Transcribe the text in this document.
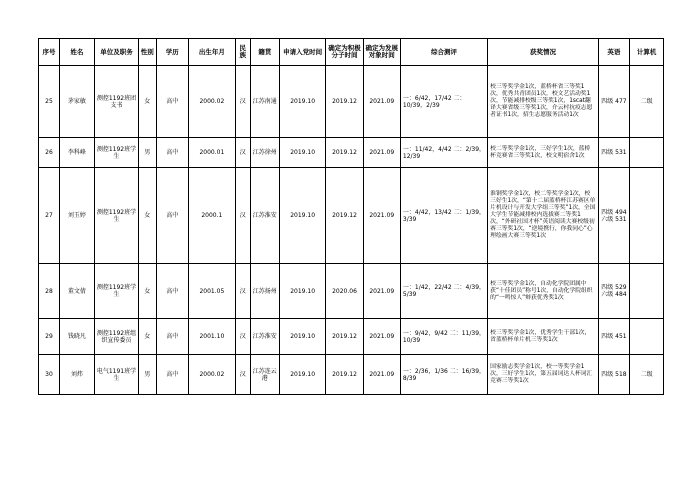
序号	姓名	单位及职务	性别	学历	出生年月	民族	籍贯	申请入党时间	确定为积极分子时间	确定为发展对象时间	综合测评	获奖情况	英语	计算机
25	茅家敏	测控1192班团支书	女	高中	2000.02	汉	江苏南通	2019.10	2019.12	2021.09	一：6/42，17/42 二：10/39，2/39	校三等奖学金1次，蓝桥杯省三等奖1次，优秀共青团员1次，校文艺活动奖1次，节能减排校级三等奖1次，1scat翻译大赛省级三等奖1次，介云村抗疫志愿者证书1次，招生志愿服务活动1次	四级 477	二级
26	李科峰	测控1192班学生	男	高中	2000.01	汉	江苏徐州	2019.10	2019.12	2021.09	一：11/42，4/42 二：2/39，12/39	校二等奖学金1次，三好学生1次，蓝桥杯竞赛省三等奖1次，校文明宿舍1次	四级 531	
27	刘玉婷	测控1192班学生	女	高中	2000.1	汉	江苏淮安	2019.10	2019.12	2021.09	一：4/42，13/42 二：1/39，3/39	淮钢奖学金1次，校二等奖学金1次，校三好生1次，“第十二届蓝桥杯江苏赛区单片机设计与开发大学组三等奖”1次，全国大学生节能减排校内选拔赛二等奖1次，“外研社国才杯”英语阅读大赛校级初赛三等奖1次，“逆境携行，你我同心”心理绘画大赛三等奖1次	四级 494 六级 531	
28	董文倩	测控1192班学生	女	高中	2001.05	汉	江苏扬州	2019.10	2020.06	2021.09	一：1/42，22/42 二：4/39，5/39	校三等奖学金1次，自动化学院团属中获“十佳团员”称号1次，自动化学院组织的“一鸣惊人”辩获优秀奖1次	四级 529 六级 484	
29	钱晓凡	测控1192班组织宣传委员	女	高中	2001.10	汉	江苏淮安	2019.10	2019.12	2021.09	一：9/42，9/42 二：11/39，10/39	校三等奖学金1次，优秀学生干部1次，省蓝桥杯单片机三等奖1次	四级 451	
30	刘炜	电气1191班学生	男	高中	2000.02	汉	江苏连云港	2019.10	2019.12	2021.09	一：2/36，1/36 二：16/39，8/39	国家励志奖学金1次，校一等奖学金1次，三好学生1次，第五届词达人杯词汇竞赛三等奖1次	四级 518	二级
